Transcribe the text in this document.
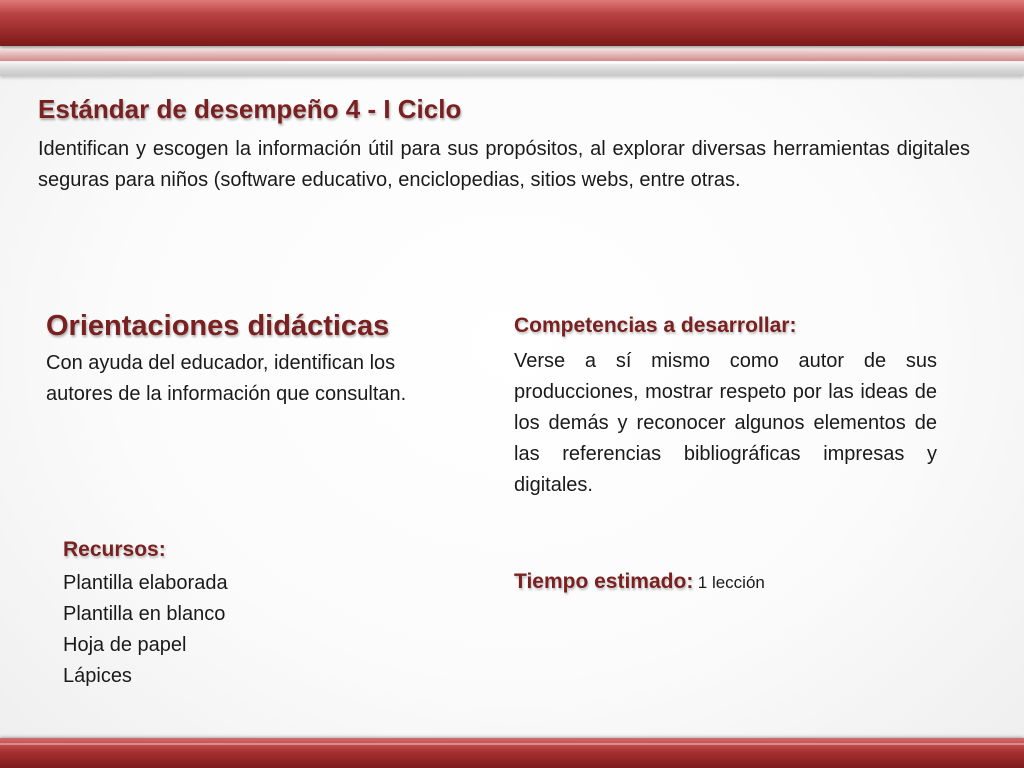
Estándar de desempeño 4 - I Ciclo

Identifican y escogen la información útil para sus propósitos, al explorar diversas herramientas digitales seguras para niños (software educativo, enciclopedias, sitios webs, entre otras.

Orientaciones didácticas

Con ayuda del educador, identifican los autores de la información que consultan.

Competencias a desarrollar:

Verse a sí mismo como autor de sus producciones, mostrar respeto por las ideas de los demás y reconocer algunos elementos de las referencias bibliográficas impresas y digitales.

Recursos:
Plantilla elaborada
Plantilla en blanco
Hoja de papel
Lápices

Tiempo estimado: 1 lección
